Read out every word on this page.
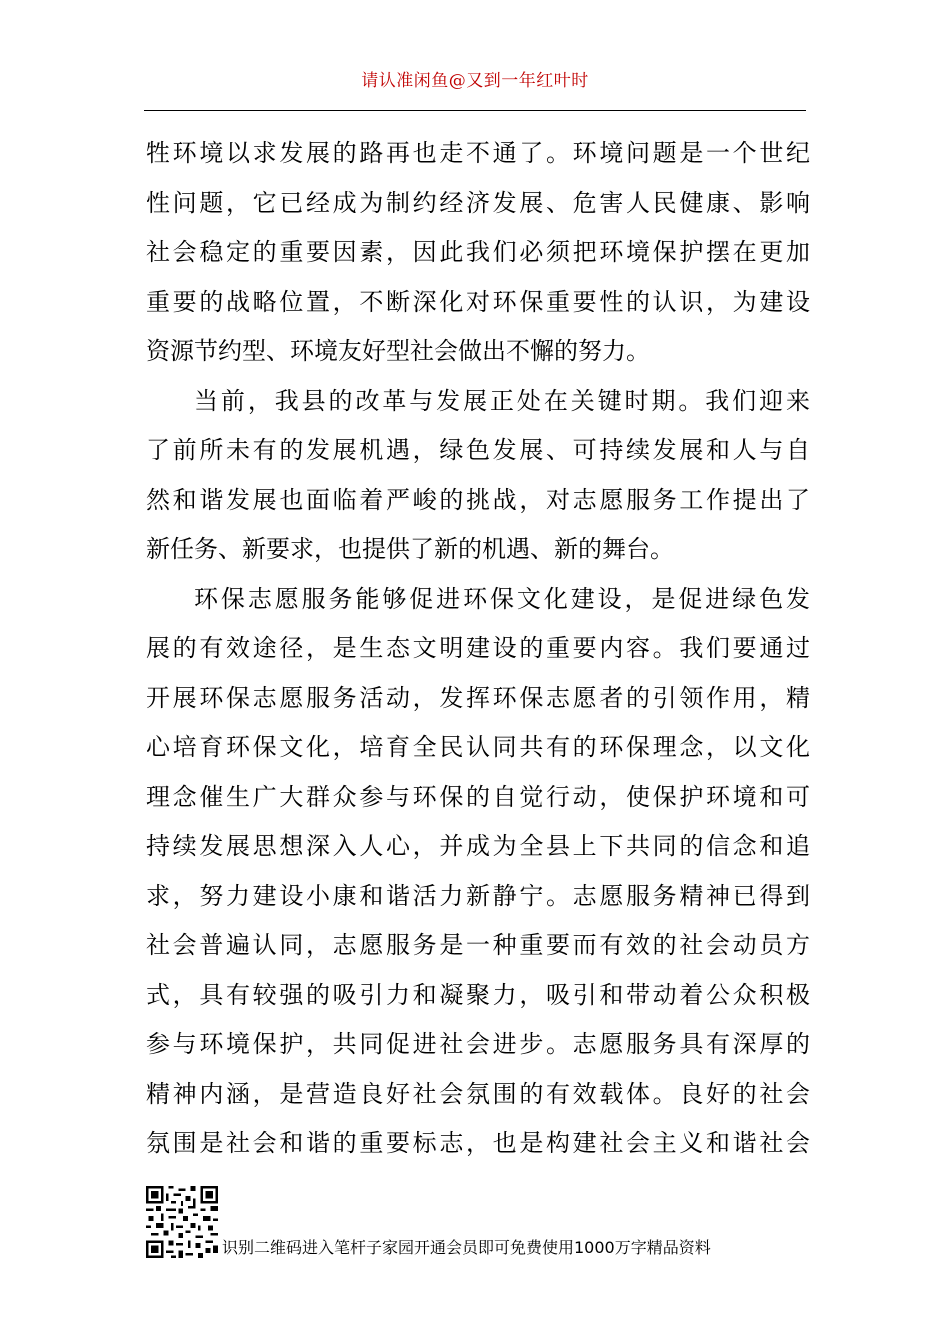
请认准闲鱼@又到一年红叶时
牲环境以求发展的路再也走不通了。环境问题是一个世纪
性问题，它已经成为制约经济发展、危害人民健康、影响
社会稳定的重要因素，因此我们必须把环境保护摆在更加
重要的战略位置，不断深化对环保重要性的认识，为建设
资源节约型、环境友好型社会做出不懈的努力。
当前，我县的改革与发展正处在关键时期。我们迎来
了前所未有的发展机遇，绿色发展、可持续发展和人与自
然和谐发展也面临着严峻的挑战，对志愿服务工作提出了
新任务、新要求，也提供了新的机遇、新的舞台。
环保志愿服务能够促进环保文化建设，是促进绿色发
展的有效途径，是生态文明建设的重要内容。我们要通过
开展环保志愿服务活动，发挥环保志愿者的引领作用，精
心培育环保文化，培育全民认同共有的环保理念，以文化
理念催生广大群众参与环保的自觉行动，使保护环境和可
持续发展思想深入人心，并成为全县上下共同的信念和追
求，努力建设小康和谐活力新静宁。志愿服务精神已得到
社会普遍认同，志愿服务是一种重要而有效的社会动员方
式，具有较强的吸引力和凝聚力，吸引和带动着公众积极
参与环境保护，共同促进社会进步。志愿服务具有深厚的
精神内涵，是营造良好社会氛围的有效载体。良好的社会
氛围是社会和谐的重要标志，也是构建社会主义和谐社会
识别二维码进入笔杆子家园开通会员即可免费使用1000万字精品资料
